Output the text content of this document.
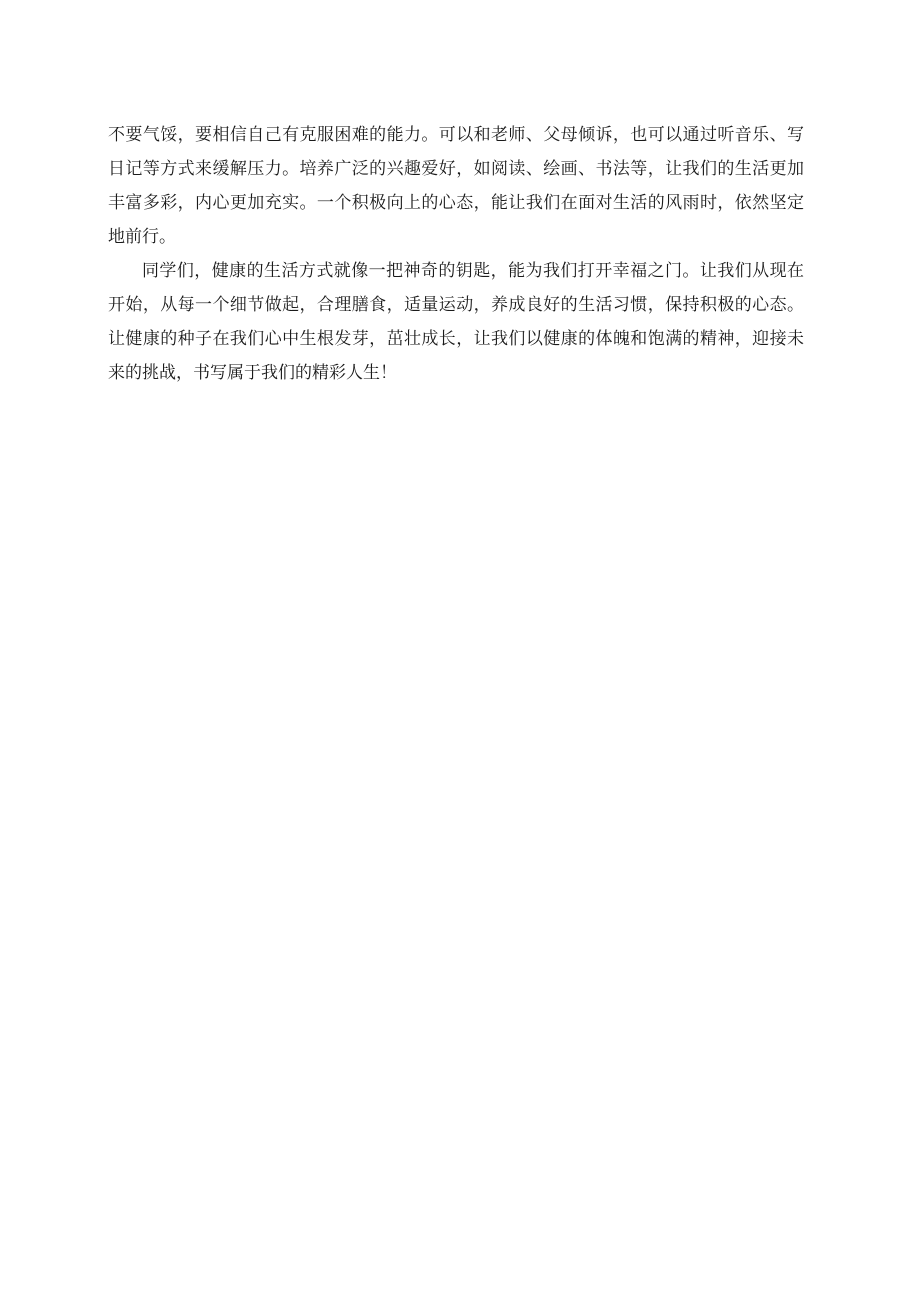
不要气馁，要相信自己有克服困难的能力。可以和老师、父母倾诉，也可以通过听音乐、写日记等方式来缓解压力。培养广泛的兴趣爱好，如阅读、绘画、书法等，让我们的生活更加丰富多彩，内心更加充实。一个积极向上的心态，能让我们在面对生活的风雨时，依然坚定地前行。

同学们，健康的生活方式就像一把神奇的钥匙，能为我们打开幸福之门。让我们从现在开始，从每一个细节做起，合理膳食，适量运动，养成良好的生活习惯，保持积极的心态。让健康的种子在我们心中生根发芽，茁壮成长，让我们以健康的体魄和饱满的精神，迎接未来的挑战，书写属于我们的精彩人生！
